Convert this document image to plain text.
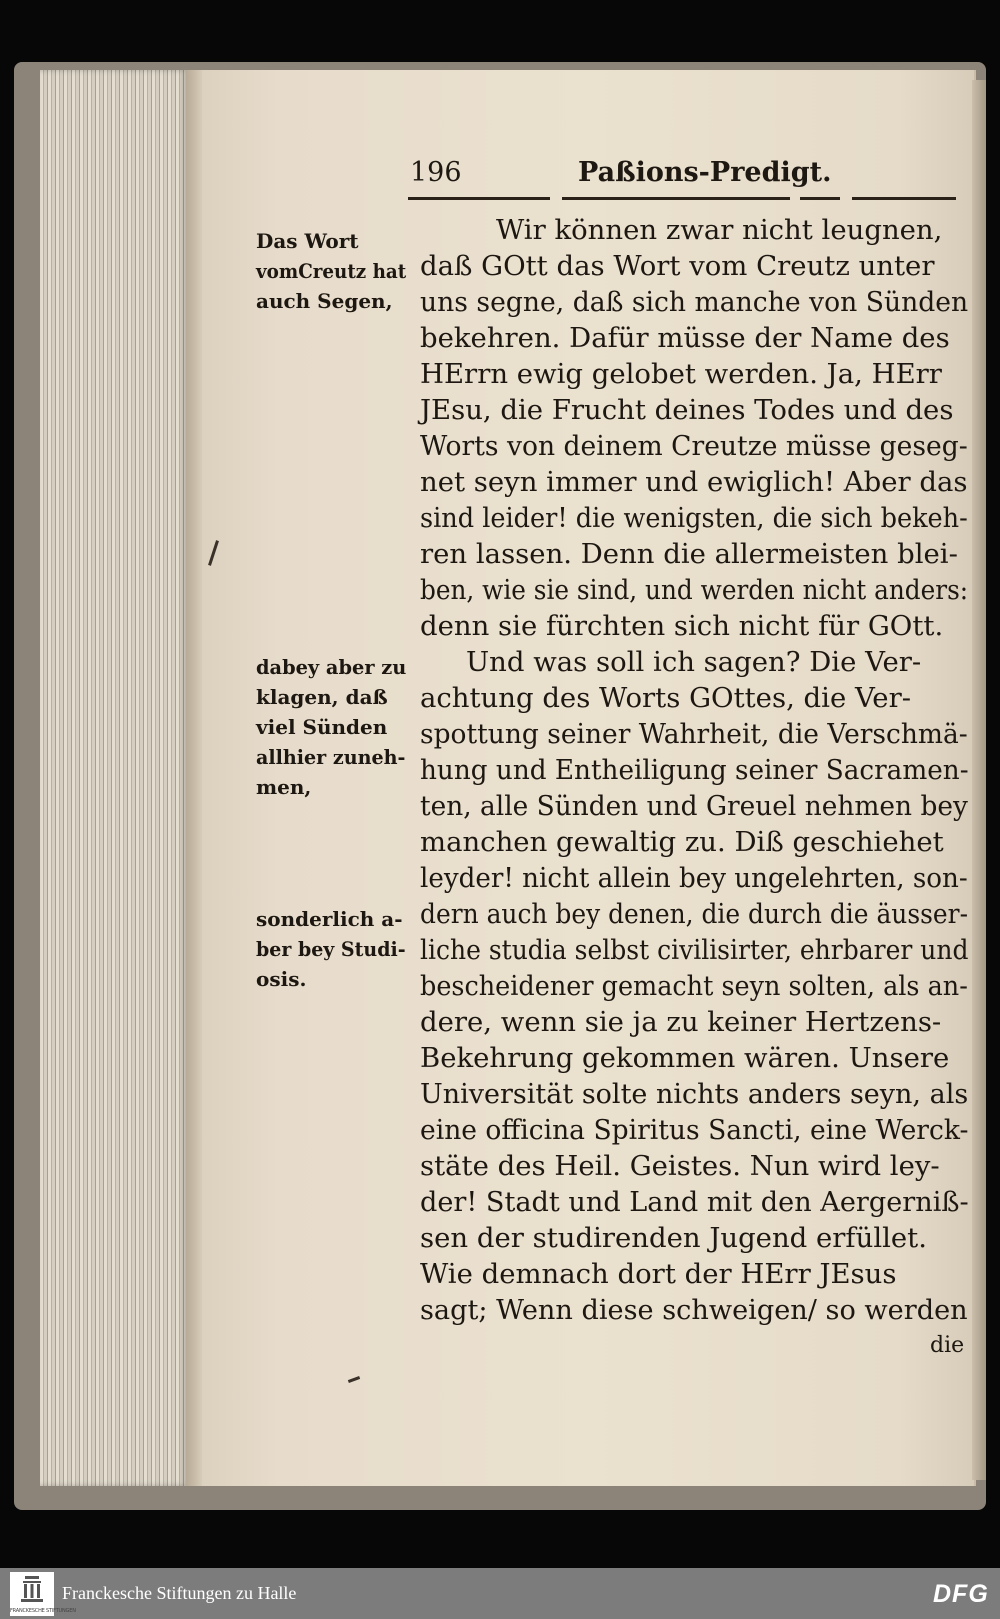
196	Paßions-Predigt.
Das Wort
vomCreutz hat
auch Segen,
dabey aber zu
klagen, daß
viel Sünden
allhier zuneh-
men,
sonderlich a-
ber bey Studi-
osis.
Wir können zwar nicht leugnen,
daß GOtt das Wort vom Creutz unter
uns segne, daß sich manche von Sünden
bekehren. Dafür müsse der Name des
HErrn ewig gelobet werden. Ja, HErr
JEsu, die Frucht deines Todes und des
Worts von deinem Creutze müsse geseg-
net seyn immer und ewiglich! Aber das
sind leider! die wenigsten, die sich bekeh-
ren lassen. Denn die allermeisten blei-
ben, wie sie sind, und werden nicht anders:
denn sie fürchten sich nicht für GOtt.
Und was soll ich sagen? Die Ver-
achtung des Worts GOttes, die Ver-
spottung seiner Wahrheit, die Verschmä-
hung und Entheiligung seiner Sacramen-
ten, alle Sünden und Greuel nehmen bey
manchen gewaltig zu. Diß geschiehet
leyder! nicht allein bey ungelehrten, son-
dern auch bey denen, die durch die äusser-
liche studia selbst civilisirter, ehrbarer und
bescheidener gemacht seyn solten, als an-
dere, wenn sie ja zu keiner Hertzens-
Bekehrung gekommen wären. Unsere
Universität solte nichts anders seyn, als
eine officina Spiritus Sancti, eine Werck-
stäte des Heil. Geistes. Nun wird ley-
der! Stadt und Land mit den Aergerniß-
sen der studirenden Jugend erfüllet.
Wie demnach dort der HErr JEsus
sagt; Wenn diese schweigen/ so werden
die
FRANCKESCHE STIFTUNGEN
Franckesche Stiftungen zu Halle	DFG
